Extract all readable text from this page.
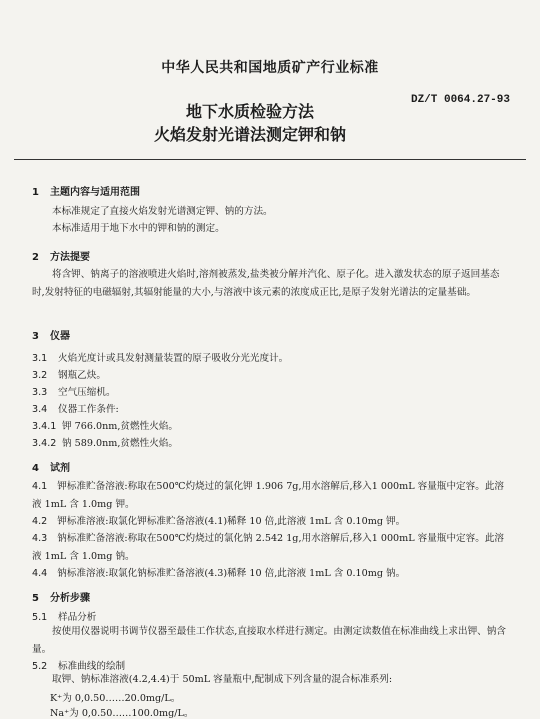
中华人民共和国地质矿产行业标准
地下水质检验方法
火焰发射光谱法测定钾和钠
DZ/T 0064.27-93
1 主题内容与适用范围
本标准规定了直接火焰发射光谱测定钾、钠的方法。
本标准适用于地下水中的钾和钠的测定。
2 方法提要
将含钾、钠离子的溶液喷进火焰时,溶剂被蒸发,盐类被分解并汽化、原子化。进入激发状态的原子返回基态时,发射特征的电磁辐射,其辐射能量的大小,与溶液中该元素的浓度成正比,是原子发射光谱法的定量基础。
3 仪器
3.1 火焰光度计或具发射测量装置的原子吸收分光光度计。
3.2 钢瓶乙炔。
3.3 空气压缩机。
3.4 仪器工作条件:
3.4.1 钾 766.0nm,贫燃性火焰。
3.4.2 钠 589.0nm,贫燃性火焰。
4 试剂
4.1 钾标准贮备溶液:称取在500℃灼烧过的氯化钾 1.906 7g,用水溶解后,移入1 000mL 容量瓶中定容。此溶液 1mL 含 1.0mg 钾。
4.2 钾标准溶液:取氯化钾标准贮备溶液(4.1)稀释 10 倍,此溶液 1mL 含 0.10mg 钾。
4.3 钠标准贮备溶液:称取在500℃灼烧过的氯化钠 2.542 1g,用水溶解后,移入1 000mL 容量瓶中定容。此溶液 1mL 含 1.0mg 钠。
4.4 钠标准溶液:取氯化钠标准贮备溶液(4.3)稀释 10 倍,此溶液 1mL 含 0.10mg 钠。
5 分析步骤
5.1 样品分析
按使用仪器说明书调节仪器至最佳工作状态,直接取水样进行测定。由测定读数值在标准曲线上求出钾、钠含量。
5.2 标准曲线的绘制
取钾、钠标准溶液(4.2,4.4)于 50mL 容量瓶中,配制成下列含量的混合标准系列:
K⁺为 0,0.50……20.0mg/L。
Na⁺为 0,0.50……100.0mg/L。
